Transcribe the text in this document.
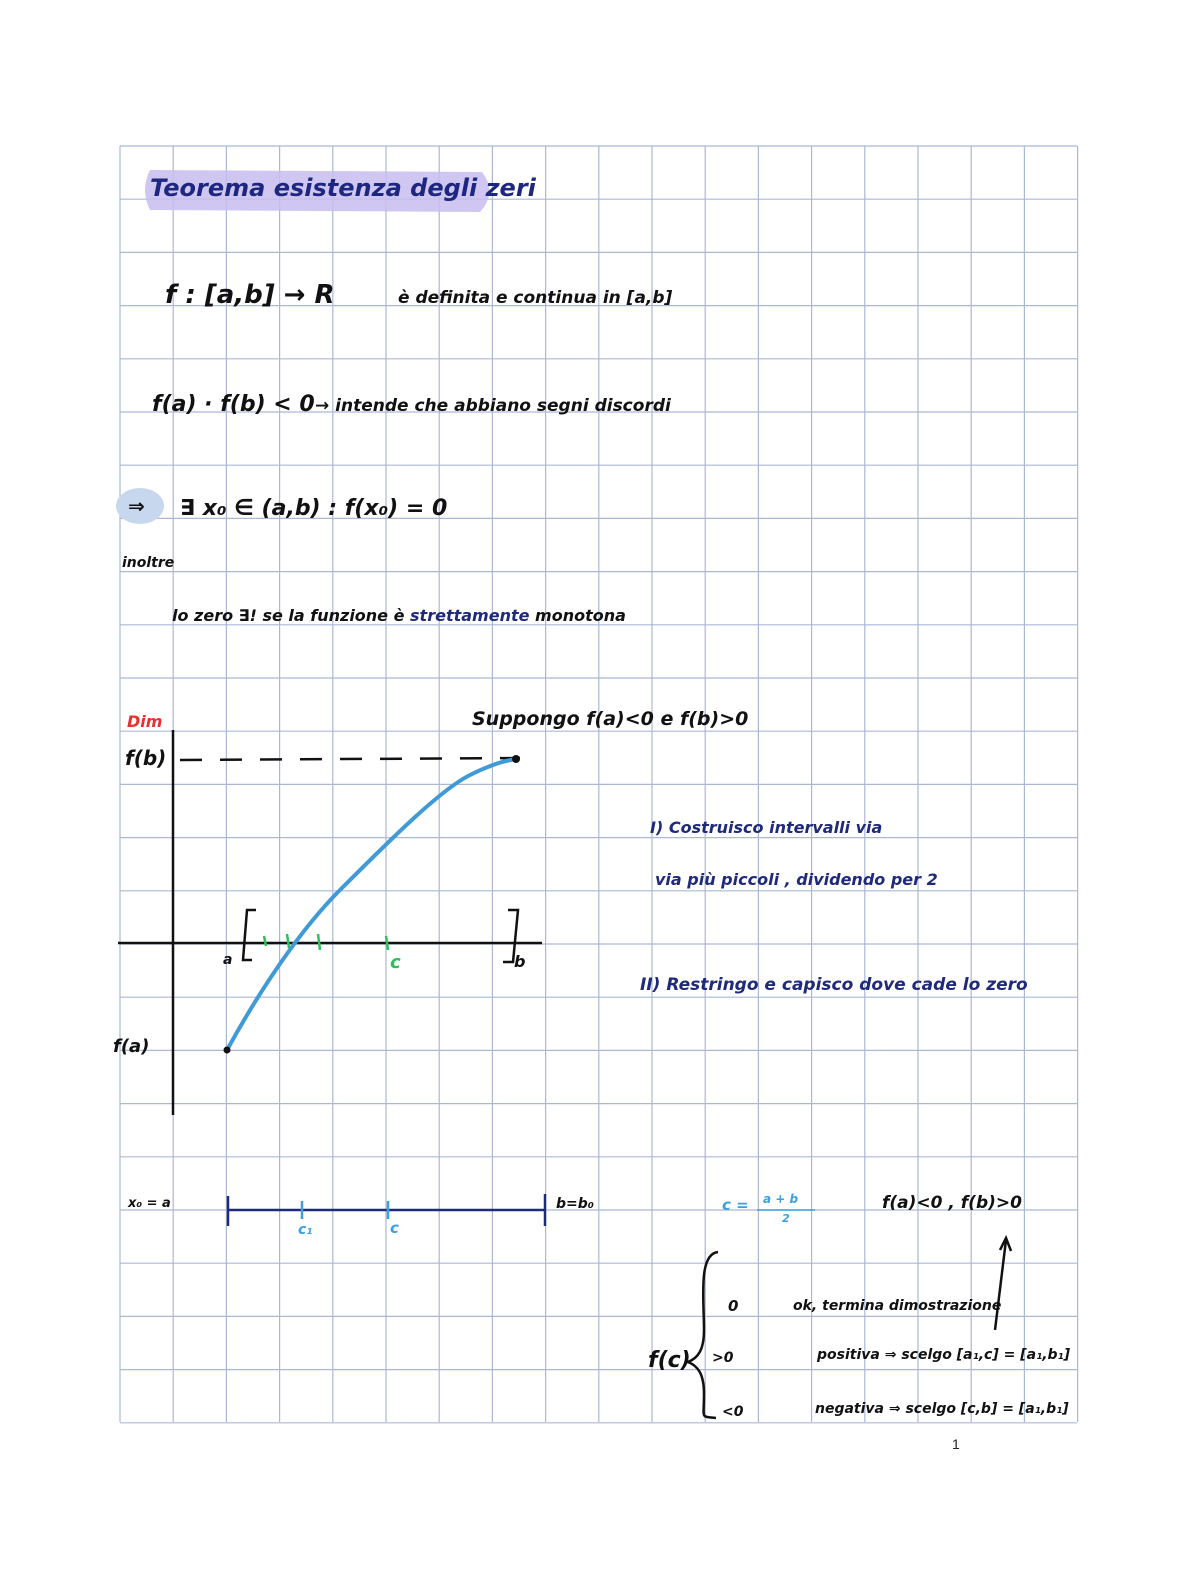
Teorema esistenza degli zeri
f : [a,b] → R	è definita e continua in [a,b]
f(a) · f(b) < 0 → intende che abbiano segni discordi
⇒ ∃ x₀ ∈ (a,b) : f(x₀) = 0
inoltre
lo zero ∃! se la funzione è strettamente monotona
Dim	Suppongo f(a)<0 e f(b)>0
f(b)
f(a)
a	b
c
I) Costruisco intervalli via
via più piccoli , dividendo per 2
II) Restringo e capisco dove cade lo zero
x₀ = a	b=b₀
c₁	c
c = a + b
2
f(a)<0 , f(b)>0
f(c)
0	ok, termina dimostrazione
>0	positiva ⇒ scelgo [a₁,c] = [a₁,b₁]
<0	negativa ⇒ scelgo [c,b] = [a₁,b₁]
1
